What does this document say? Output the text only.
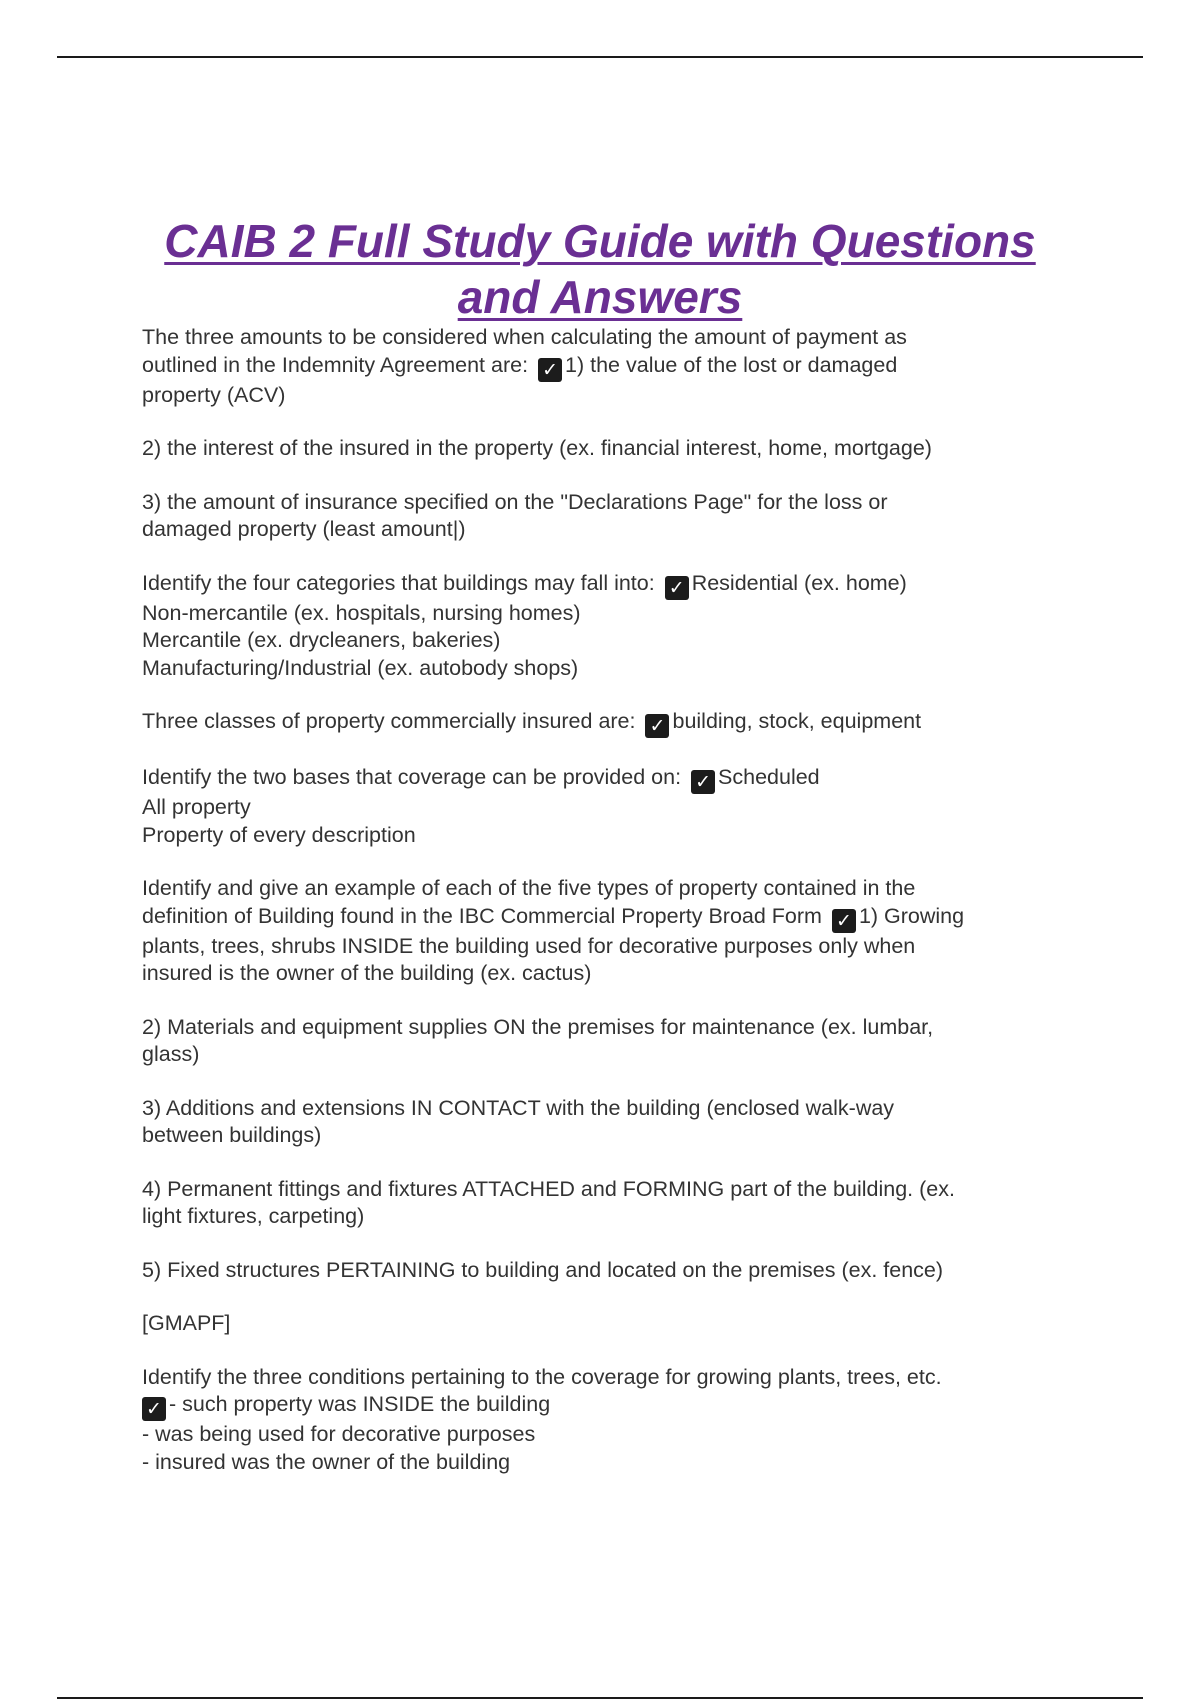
CAIB 2 Full Study Guide with Questions
and Answers
The three amounts to be considered when calculating the amount of payment as
outlined in the Indemnity Agreement are: ✓ 1) the value of the lost or damaged
property (ACV)
2) the interest of the insured in the property (ex. financial interest, home, mortgage)
3) the amount of insurance specified on the "Declarations Page" for the loss or
damaged property (least amount|)
Identify the four categories that buildings may fall into: ✓ Residential (ex. home)
Non-mercantile (ex. hospitals, nursing homes)
Mercantile (ex. drycleaners, bakeries)
Manufacturing/Industrial (ex. autobody shops)
Three classes of property commercially insured are: ✓ building, stock, equipment
Identify the two bases that coverage can be provided on: ✓ Scheduled
All property
Property of every description
Identify and give an example of each of the five types of property contained in the
definition of Building found in the IBC Commercial Property Broad Form ✓ 1) Growing
plants, trees, shrubs INSIDE the building used for decorative purposes only when
insured is the owner of the building (ex. cactus)
2) Materials and equipment supplies ON the premises for maintenance (ex. lumbar,
glass)
3) Additions and extensions IN CONTACT with the building (enclosed walk-way
between buildings)
4) Permanent fittings and fixtures ATTACHED and FORMING part of the building. (ex.
light fixtures, carpeting)
5) Fixed structures PERTAINING to building and located on the premises (ex. fence)
[GMAPF]
Identify the three conditions pertaining to the coverage for growing plants, trees, etc.
✓ - such property was INSIDE the building
- was being used for decorative purposes
- insured was the owner of the building
